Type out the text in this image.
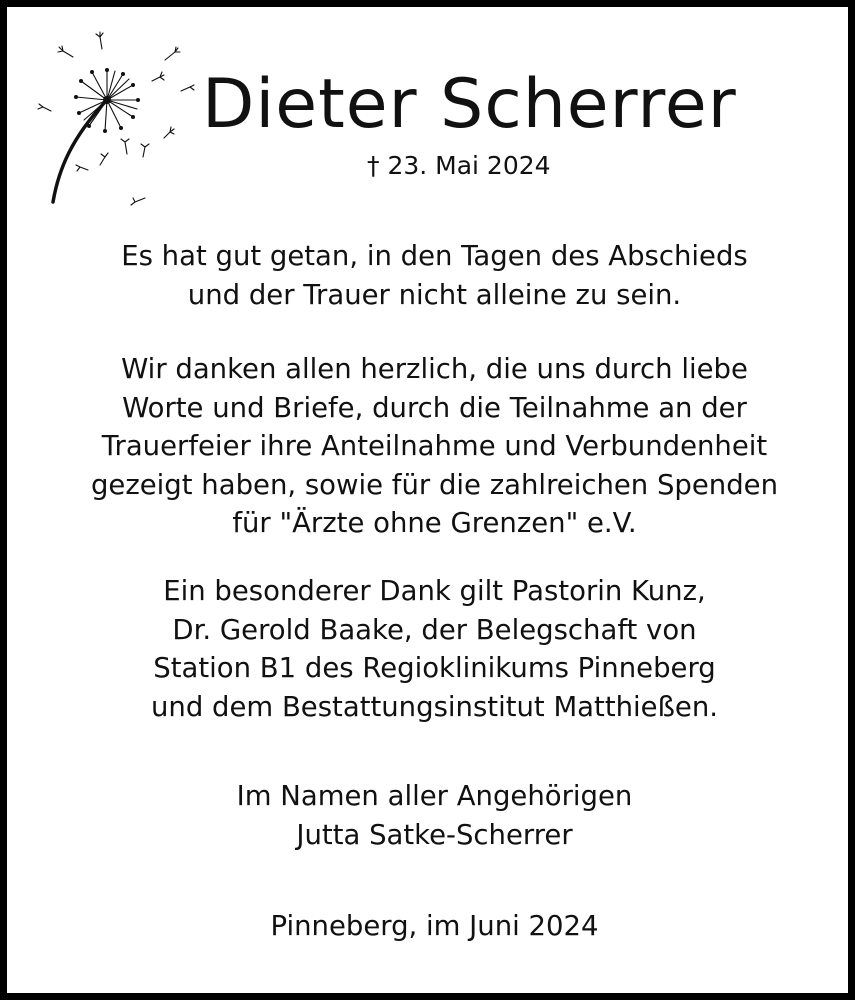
Dieter Scherrer
† 23. Mai 2024
Es hat gut getan, in den Tagen des Abschieds
und der Trauer nicht alleine zu sein.
Wir danken allen herzlich, die uns durch liebe
Worte und Briefe, durch die Teilnahme an der
Trauerfeier ihre Anteilnahme und Verbundenheit
gezeigt haben, sowie für die zahlreichen Spenden
für "Ärzte ohne Grenzen" e.V.
Ein besonderer Dank gilt Pastorin Kunz,
Dr. Gerold Baake, der Belegschaft von
Station B1 des Regioklinikums Pinneberg
und dem Bestattungsinstitut Matthießen.
Im Namen aller Angehörigen
Jutta Satke-Scherrer
Pinneberg, im Juni 2024
